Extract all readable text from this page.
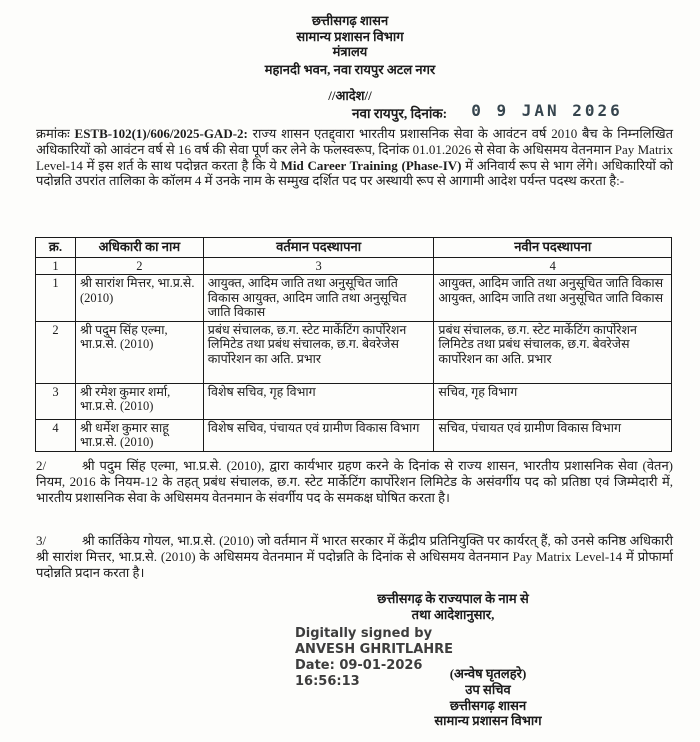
छत्तीसगढ़ शासन
सामान्य प्रशासन विभाग
मंत्रालय
महानदी भवन, नवा रायपुर अटल नगर
//आदेश//
नवा रायपुर, दिनांक: 0 9 JAN 2026

क्रमांकः ESTB-102(1)/606/2025-GAD-2: राज्य शासन एतद्द्वारा भारतीय प्रशासनिक सेवा के आवंटन वर्ष 2010 बैच के निम्नलिखित अधिकारियों को आवंटन वर्ष से 16 वर्ष की सेवा पूर्ण कर लेने के फलस्वरूप, दिनांक 01.01.2026 से सेवा के अधिसमय वेतनमान Pay Matrix Level-14 में इस शर्त के साथ पदोन्नत करता है कि ये Mid Career Training (Phase-IV) में अनिवार्य रूप से भाग लेंगे। अधिकारियों को पदोन्नति उपरांत तालिका के कॉलम 4 में उनके नाम के सम्मुख दर्शित पद पर अस्थायी रूप से आगामी आदेश पर्यन्त पदस्थ करता है:-

क्र.	अधिकारी का नाम	वर्तमान पदस्थापना	नवीन पदस्थापना
1	2	3	4
1	श्री सारांश मित्तर, भा.प्र.से. (2010)	आयुक्त, आदिम जाति तथा अनुसूचित जाति विकास आयुक्त, आदिम जाति तथा अनुसूचित जाति विकास	आयुक्त, आदिम जाति तथा अनुसूचित जाति विकास आयुक्त, आदिम जाति तथा अनुसूचित जाति विकास
2	श्री पदुम सिंह एल्मा, भा.प्र.से. (2010)	प्रबंध संचालक, छ.ग. स्टेट मार्केटिंग कार्पोरेशन लिमिटेड तथा प्रबंध संचालक, छ.ग. बेवरेजेस कार्पोरेशन का अति. प्रभार	प्रबंध संचालक, छ.ग. स्टेट मार्केटिंग कार्पोरेशन लिमिटेड तथा प्रबंध संचालक, छ.ग. बेवरेजेस कार्पोरेशन का अति. प्रभार
3	श्री रमेश कुमार शर्मा, भा.प्र.से. (2010)	विशेष सचिव, गृह विभाग	सचिव, गृह विभाग
4	श्री धर्मेश कुमार साहू भा.प्र.से. (2010)	विशेष सचिव, पंचायत एवं ग्रामीण विकास विभाग	सचिव, पंचायत एवं ग्रामीण विकास विभाग

2/	श्री पदुम सिंह एल्मा, भा.प्र.से. (2010), द्वारा कार्यभार ग्रहण करने के दिनांक से राज्य शासन, भारतीय प्रशासनिक सेवा (वेतन) नियम, 2016 के नियम-12 के तहत् प्रबंध संचालक, छ.ग. स्टेट मार्केटिंग कार्पोरेशन लिमिटेड के असंवर्गीय पद को प्रतिष्ठा एवं जिम्मेदारी में, भारतीय प्रशासनिक सेवा के अधिसमय वेतनमान के संवर्गीय पद के समकक्ष घोषित करता है।

3/	श्री कार्तिकेय गोयल, भा.प्र.से. (2010) जो वर्तमान में भारत सरकार में केंद्रीय प्रतिनियुक्ति पर कार्यरत् हैं, को उनसे कनिष्ठ अधिकारी श्री सारांश मित्तर, भा.प्र.से. (2010) के अधिसमय वेतनमान में पदोन्नति के दिनांक से अधिसमय वेतनमान Pay Matrix Level-14 में प्रोफार्मा पदोन्नति प्रदान करता है।

छत्तीसगढ़ के राज्यपाल के नाम से
तथा आदेशानुसार,
Digitally signed by
ANVESH GHRITLAHRE
Date: 09-01-2026
16:56:13
(अन्वेष घृतलहरे)
उप सचिव
छत्तीसगढ़ शासन
सामान्य प्रशासन विभाग
